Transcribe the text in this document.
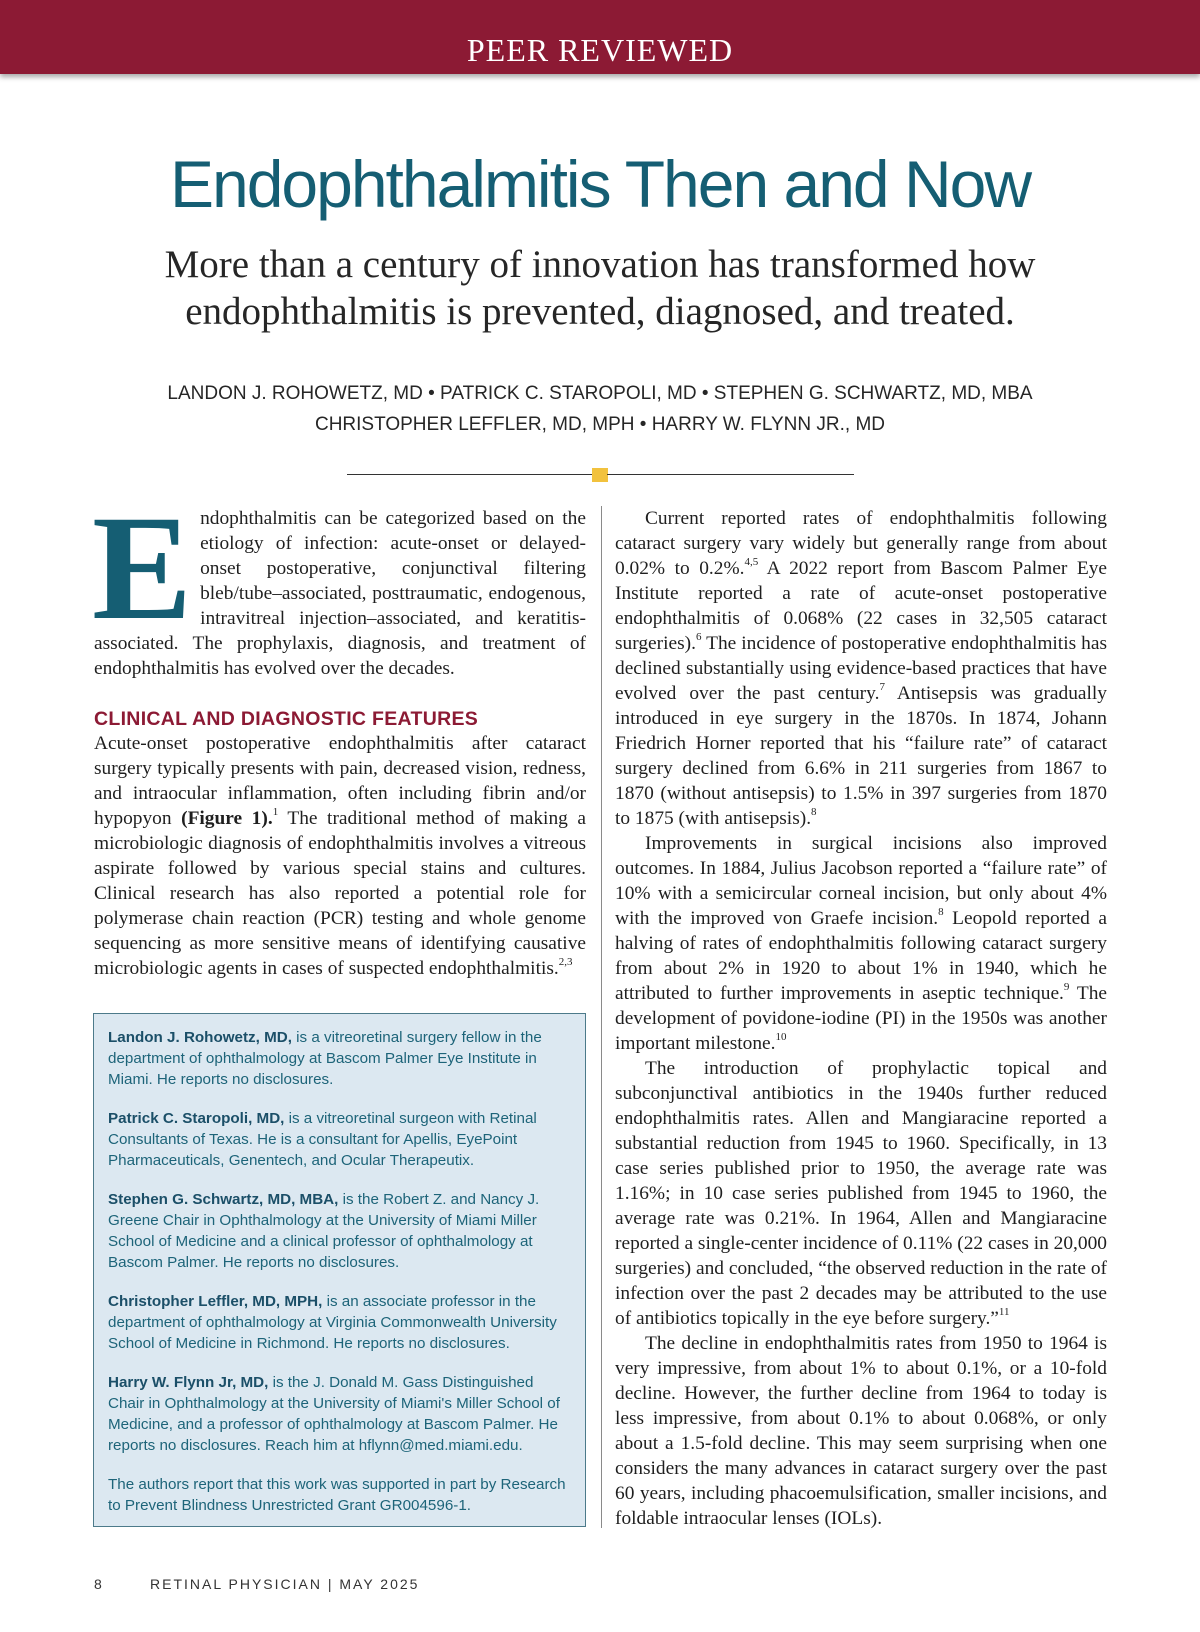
PEER REVIEWED
Endophthalmitis Then and Now
More than a century of innovation has transformed how endophthalmitis is prevented, diagnosed, and treated.
LANDON J. ROHOWETZ, MD • PATRICK C. STAROPOLI, MD • STEPHEN G. SCHWARTZ, MD, MBA
CHRISTOPHER LEFFLER, MD, MPH • HARRY W. FLYNN JR., MD

Endophthalmitis can be categorized based on the etiology of infection: acute-onset or delayed-onset postoperative, conjunctival filtering bleb/tube–associated, posttraumatic, endogenous, intravitreal injection–associated, and keratitis-associated. The prophylaxis, diagnosis, and treatment of endophthalmitis has evolved over the decades.

CLINICAL AND DIAGNOSTIC FEATURES

Acute-onset postoperative endophthalmitis after cataract surgery typically presents with pain, decreased vision, redness, and intraocular inflammation, often including fibrin and/or hypopyon (Figure 1).$^1$ The traditional method of making a microbiologic diagnosis of endophthalmitis involves a vitreous aspirate followed by various special stains and cultures. Clinical research has also reported a potential role for polymerase chain reaction (PCR) testing and whole genome sequencing as more sensitive means of identifying causative microbiologic agents in cases of suspected endophthalmitis.$^{2,3}$

Landon J. Rohowetz, MD, is a vitreoretinal surgery fellow in the department of ophthalmology at Bascom Palmer Eye Institute in Miami. He reports no disclosures.

Patrick C. Staropoli, MD, is a vitreoretinal surgeon with Retinal Consultants of Texas. He is a consultant for Apellis, EyePoint Pharmaceuticals, Genentech, and Ocular Therapeutix.

Stephen G. Schwartz, MD, MBA, is the Robert Z. and Nancy J. Greene Chair in Ophthalmology at the University of Miami Miller School of Medicine and a clinical professor of ophthalmology at Bascom Palmer. He reports no disclosures.

Christopher Leffler, MD, MPH, is an associate professor in the department of ophthalmology at Virginia Commonwealth University School of Medicine in Richmond. He reports no disclosures.

Harry W. Flynn Jr, MD, is the J. Donald M. Gass Distinguished Chair in Ophthalmology at the University of Miami's Miller School of Medicine, and a professor of ophthalmology at Bascom Palmer. He reports no disclosures. Reach him at hflynn@med.miami.edu.

The authors report that this work was supported in part by Research to Prevent Blindness Unrestricted Grant GR004596-1.

Current reported rates of endophthalmitis following cataract surgery vary widely but generally range from about 0.02% to 0.2%.$^{4,5}$ A 2022 report from Bascom Palmer Eye Institute reported a rate of acute-onset postoperative endophthalmitis of 0.068% (22 cases in 32,505 cataract surgeries).$^6$ The incidence of postoperative endophthalmitis has declined substantially using evidence-based practices that have evolved over the past century.$^7$ Antisepsis was gradually introduced in eye surgery in the 1870s. In 1874, Johann Friedrich Horner reported that his “failure rate” of cataract surgery declined from 6.6% in 211 surgeries from 1867 to 1870 (without antisepsis) to 1.5% in 397 surgeries from 1870 to 1875 (with antisepsis).$^8$

Improvements in surgical incisions also improved outcomes. In 1884, Julius Jacobson reported a “failure rate” of 10% with a semicircular corneal incision, but only about 4% with the improved von Graefe incision.$^8$ Leopold reported a halving of rates of endophthalmitis following cataract surgery from about 2% in 1920 to about 1% in 1940, which he attributed to further improvements in aseptic technique.$^9$ The development of povidone-iodine (PI) in the 1950s was another important milestone.$^{10}$

The introduction of prophylactic topical and subconjunctival antibiotics in the 1940s further reduced endophthalmitis rates. Allen and Mangiaracine reported a substantial reduction from 1945 to 1960. Specifically, in 13 case series published prior to 1950, the average rate was 1.16%; in 10 case series published from 1945 to 1960, the average rate was 0.21%. In 1964, Allen and Mangiaracine reported a single-center incidence of 0.11% (22 cases in 20,000 surgeries) and concluded, “the observed reduction in the rate of infection over the past 2 decades may be attributed to the use of antibiotics topically in the eye before surgery.”$^{11}$

The decline in endophthalmitis rates from 1950 to 1964 is very impressive, from about 1% to about 0.1%, or a 10-fold decline. However, the further decline from 1964 to today is less impressive, from about 0.1% to about 0.068%, or only about a 1.5-fold decline. This may seem surprising when one considers the many advances in cataract surgery over the past 60 years, including phacoemulsification, smaller incisions, and foldable intraocular lenses (IOLs).

8	RETINAL PHYSICIAN | MAY 2025
